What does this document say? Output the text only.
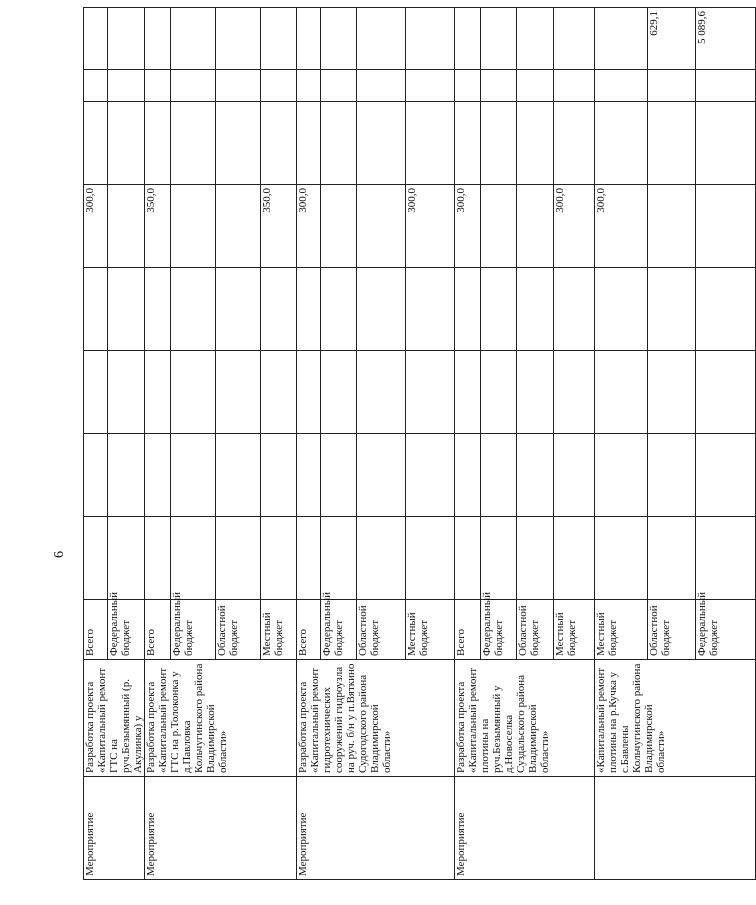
6
Мероприятие	Разработка проекта «Капитальный ремонт ГТС на руч.Безымянный (р. Акулинка) у	Всего					300,0			
		Федеральный бюджет								
Мероприятие	Разработка проекта «Капитальный ремонт ГТС на р.Толоконка у д.Павловка Кольчугинского района Владимирской области»	Всего					350,0			
		Федеральный бюджет								
		Областной бюджет								
		Местный бюджет					350,0			
Мероприятие	Разработка проекта «Капитальный ремонт гидротехнических сооружений гидроузла на руч. б/н у п.Вяткино Судогодского района Владимирской области»	Всего					300,0			
		Федеральный бюджет								
		Областной бюджет								
		Местный бюджет					300,0			
Мероприятие	Разработка проекта «Капитальный ремонт плотины на руч.Безымянный у д.Новоселка Суздальского района Владимирской области»	Всего					300,0			
		Федеральный бюджет								
		Областной бюджет								
		Местный бюджет					300,0			
	«Капитальный ремонт плотины на р.Кучка у с.Бавлены Кольчугинского района Владимирской области»	Местный бюджет					300,0			
		Областной бюджет								629,1
		Федеральный бюджет								5 089,6
